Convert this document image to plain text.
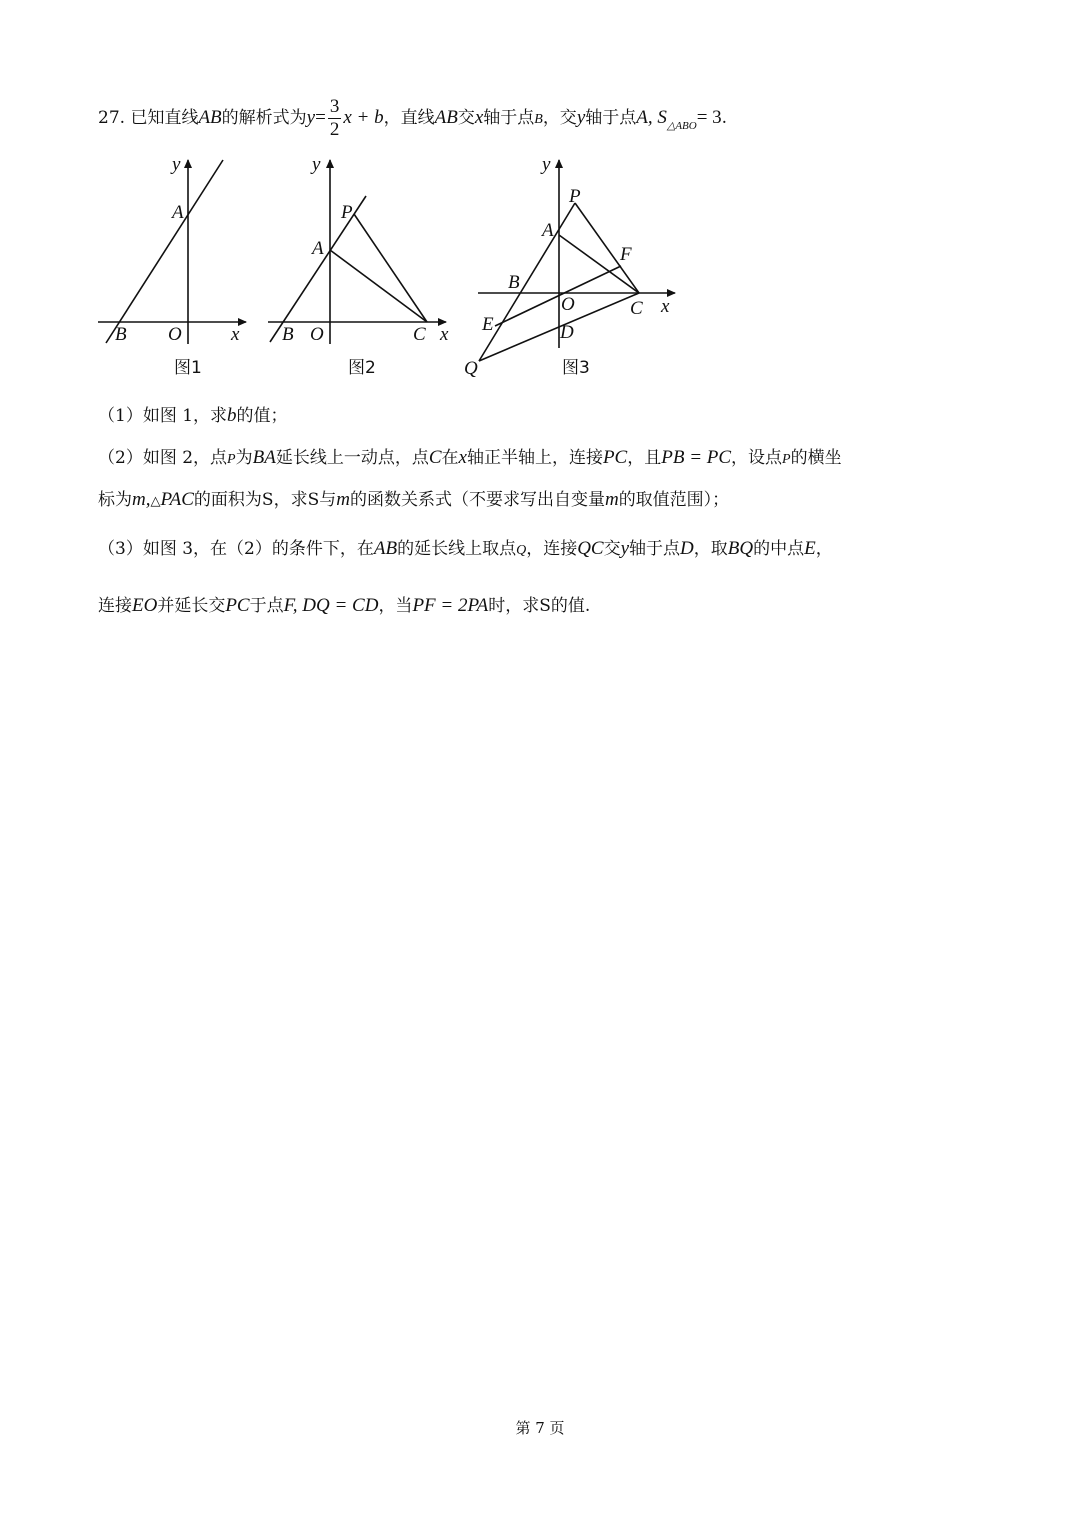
27. 已知直线AB的解析式为$y= \frac{3}{2}$ x + b，直线AB交x轴于点B，交y轴于点A, $S_{\triangle ABO}= 3$.
y
A
B O	x
y
P
A
B O	C x
y
P
A
F
B
O	C x
E	D
Q
图1	图2	图3
（1）如图 1，求b的值；
（2）如图 2，点P为BA延长线上一动点，点C在x轴正半轴上，连接PC，且PB = PC，设点P的横坐
标为m,△PAC的面积为S，求S与m的函数关系式（不要求写出自变量m的取值范围）；
（3）如图 3，在（2）的条件下，在AB的延长线上取点Q，连接QC交y轴于点D，取BQ的中点E，
连接EO并延长交PC于点F, DQ = CD，当PF = 2PA时，求S的值.
第 7 页
